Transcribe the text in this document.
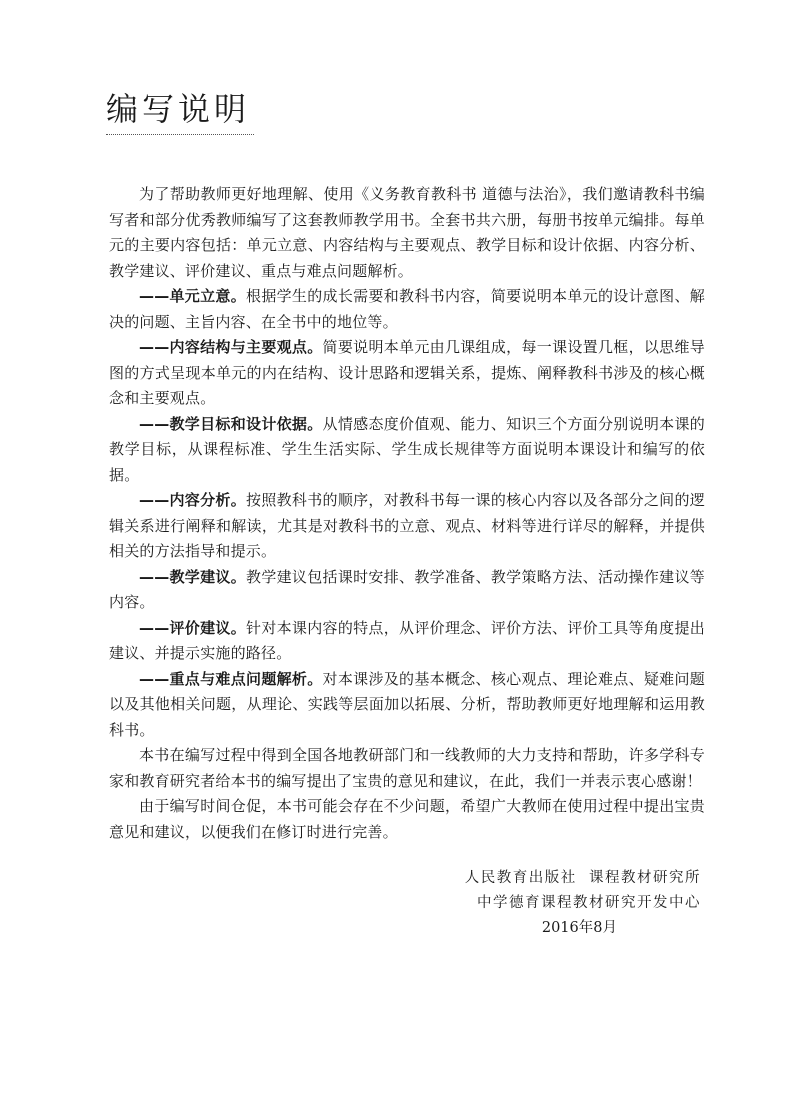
编写说明

为了帮助教师更好地理解、使用《义务教育教科书 道德与法治》，我们邀请教科书编写者和部分优秀教师编写了这套教师教学用书。全套书共六册，每册书按单元编排。每单元的主要内容包括：单元立意、内容结构与主要观点、教学目标和设计依据、内容分析、教学建议、评价建议、重点与难点问题解析。

——单元立意。根据学生的成长需要和教科书内容，简要说明本单元的设计意图、解决的问题、主旨内容、在全书中的地位等。

——内容结构与主要观点。简要说明本单元由几课组成，每一课设置几框，以思维导图的方式呈现本单元的内在结构、设计思路和逻辑关系，提炼、阐释教科书涉及的核心概念和主要观点。

——教学目标和设计依据。从情感态度价值观、能力、知识三个方面分别说明本课的教学目标，从课程标准、学生生活实际、学生成长规律等方面说明本课设计和编写的依据。

——内容分析。按照教科书的顺序，对教科书每一课的核心内容以及各部分之间的逻辑关系进行阐释和解读，尤其是对教科书的立意、观点、材料等进行详尽的解释，并提供相关的方法指导和提示。

——教学建议。教学建议包括课时安排、教学准备、教学策略方法、活动操作建议等内容。

——评价建议。针对本课内容的特点，从评价理念、评价方法、评价工具等角度提出建议、并提示实施的路径。

——重点与难点问题解析。对本课涉及的基本概念、核心观点、理论难点、疑难问题以及其他相关问题，从理论、实践等层面加以拓展、分析，帮助教师更好地理解和运用教科书。

本书在编写过程中得到全国各地教研部门和一线教师的大力支持和帮助，许多学科专家和教育研究者给本书的编写提出了宝贵的意见和建议，在此，我们一并表示衷心感谢！

由于编写时间仓促，本书可能会存在不少问题，希望广大教师在使用过程中提出宝贵意见和建议，以便我们在修订时进行完善。

人民教育出版社  课程教材研究所
中学德育课程教材研究开发中心
2016年8月
